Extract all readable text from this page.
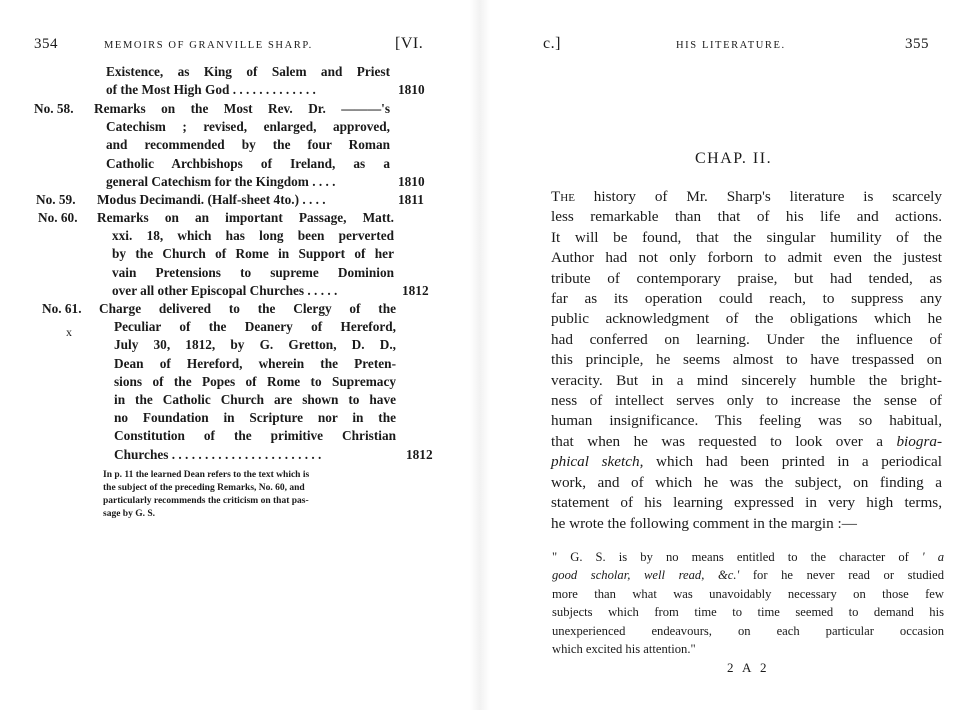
354	MEMOIRS OF GRANVILLE SHARP.	[VI.
Existence, as King of Salem and Priest
of the Most High God . . . . . . . . . . . . .	1810
No. 58. Remarks on the Most Rev. Dr. ———'s
Catechism ; revised, enlarged, approved,
and recommended by the four Roman
Catholic Archbishops of Ireland, as a
general Catechism for the Kingdom . . . .	1810
No. 59. Modus Decimandi. (Half-sheet 4to.) . . . .	1811
No. 60. Remarks on an important Passage, Matt.
xxi. 18, which has long been perverted
by the Church of Rome in Support of her
vain Pretensions to supreme Dominion
over all other Episcopal Churches . . . . .	1812
No. 61. Charge delivered to the Clergy of the
Peculiar of the Deanery of Hereford,
July 30, 1812, by G. Gretton, D. D.,
Dean of Hereford, wherein the Preten-
sions of the Popes of Rome to Supremacy
in the Catholic Church are shown to have
no Foundation in Scripture nor in the
Constitution of the primitive Christian
Churches . . . . . . . . . . . . . . . . . . . . . . .	1812
x
In p. 11 the learned Dean refers to the text which is
the subject of the preceding Remarks, No. 60, and
particularly recommends the criticism on that pas-
sage by G. S.
c.]	HIS LITERATURE.	355
CHAP. II.
The history of Mr. Sharp's literature is scarcely
less remarkable than that of his life and actions.
It will be found, that the singular humility of the
Author had not only forborn to admit even the justest
tribute of contemporary praise, but had tended, as
far as its operation could reach, to suppress any
public acknowledgment of the obligations which he
had conferred on learning. Under the influence of
this principle, he seems almost to have trespassed on
veracity. But in a mind sincerely humble the bright-
ness of intellect serves only to increase the sense of
human insignificance. This feeling was so habitual,
that when he was requested to look over a biogra-
phical sketch, which had been printed in a periodical
work, and of which he was the subject, on finding a
statement of his learning expressed in very high terms,
he wrote the following comment in the margin :—
" G. S. is by no means entitled to the character of ' a
good scholar, well read, &c.' for he never read or studied
more than what was unavoidably necessary on those few
subjects which from time to time seemed to demand his
unexperienced endeavours, on each particular occasion
which excited his attention."
2 A 2
